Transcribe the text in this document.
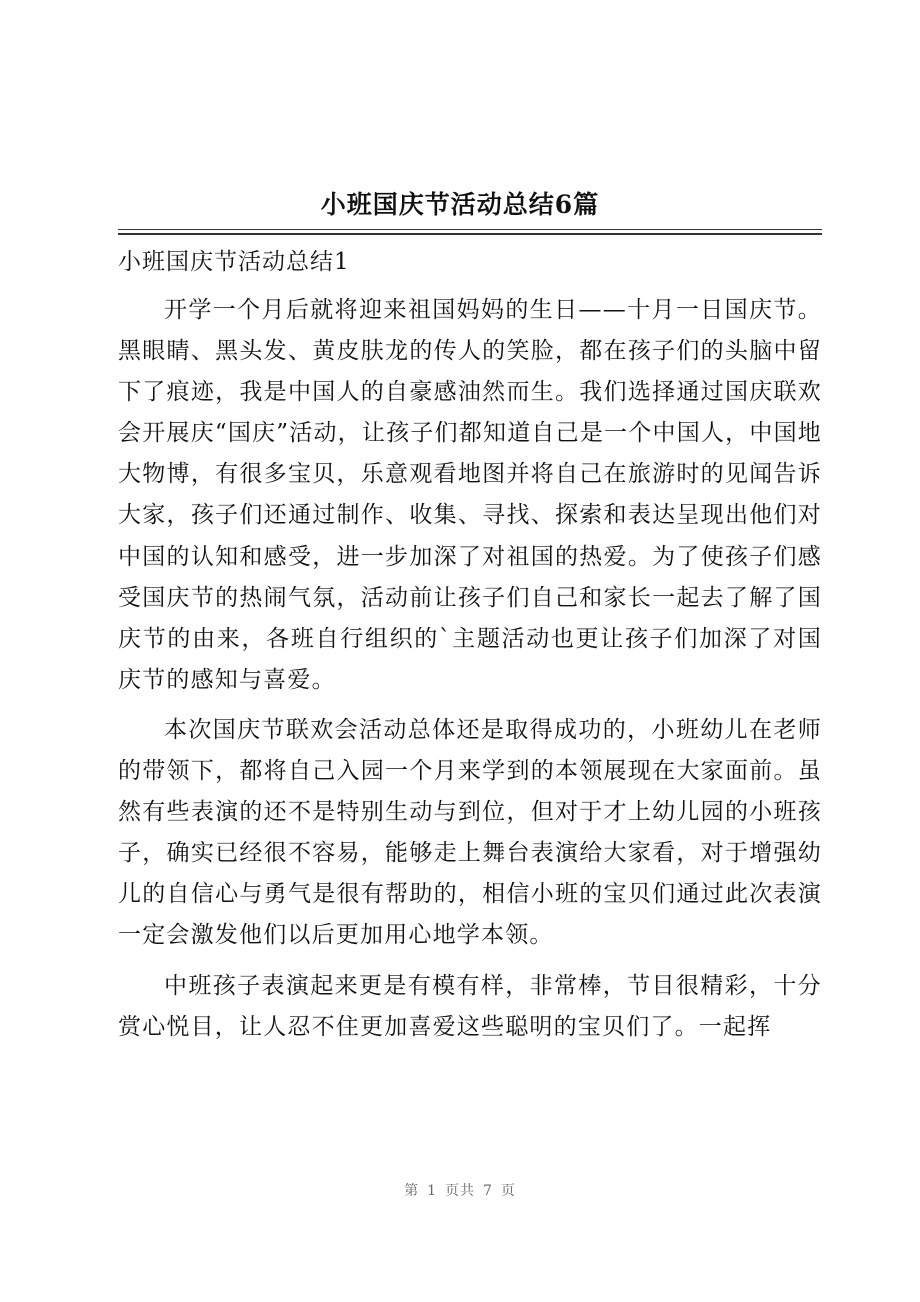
小班国庆节活动总结6篇
小班国庆节活动总结1

开学一个月后就将迎来祖国妈妈的生日——十月一日国庆节。黑眼睛、黑头发、黄皮肤龙的传人的笑脸，都在孩子们的头脑中留下了痕迹，我是中国人的自豪感油然而生。我们选择通过国庆联欢会开展庆“国庆”活动，让孩子们都知道自己是一个中国人，中国地大物博，有很多宝贝，乐意观看地图并将自己在旅游时的见闻告诉大家，孩子们还通过制作、收集、寻找、探索和表达呈现出他们对中国的认知和感受，进一步加深了对祖国的热爱。为了使孩子们感受国庆节的热闹气氛，活动前让孩子们自己和家长一起去了解了国庆节的由来，各班自行组织的`主题活动也更让孩子们加深了对国庆节的感知与喜爱。

本次国庆节联欢会活动总体还是取得成功的，小班幼儿在老师的带领下，都将自己入园一个月来学到的本领展现在大家面前。虽然有些表演的还不是特别生动与到位，但对于才上幼儿园的小班孩子，确实已经很不容易，能够走上舞台表演给大家看，对于增强幼儿的自信心与勇气是很有帮助的，相信小班的宝贝们通过此次表演一定会激发他们以后更加用心地学本领。

中班孩子表演起来更是有模有样，非常棒，节目很精彩，十分赏心悦目，让人忍不住更加喜爱这些聪明的宝贝们了。一起挥

第 1 页共 7 页
